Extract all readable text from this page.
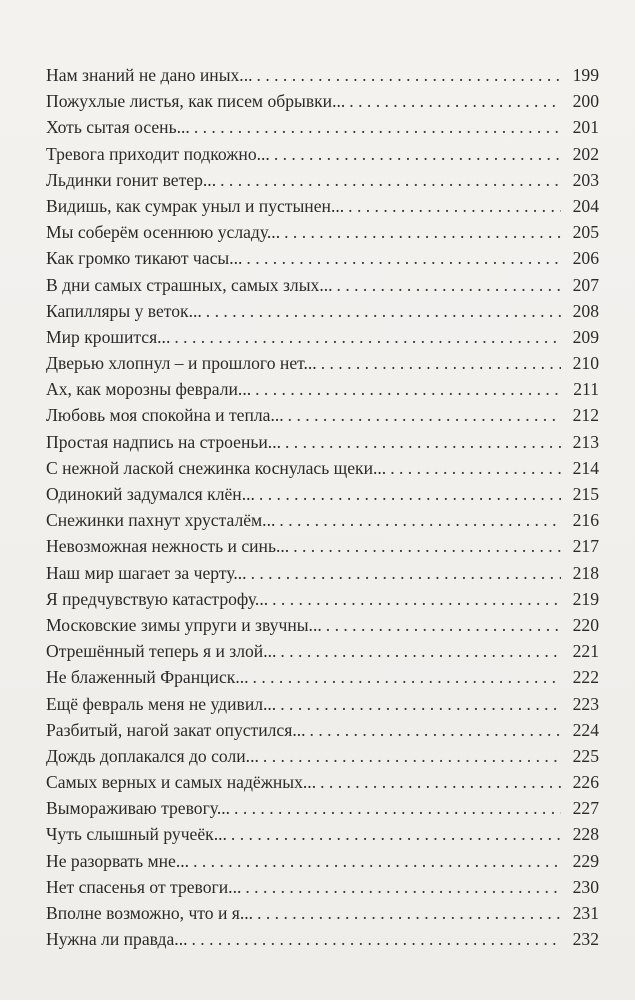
Нам знаний не дано иных... . . .	199
Пожухлые листья, как писем обрывки... . . .	200
Хоть сытая осень... . . .	201
Тревога приходит подкожно... . . .	202
Льдинки гонит ветер... . . .	203
Видишь, как сумрак уныл и пустынен... . . .	204
Мы соберём осеннюю усладу... . . .	205
Как громко тикают часы... . . .	206
В дни самых страшных, самых злых... . . .	207
Капилляры у веток... . . .	208
Мир крошится... . . .	209
Дверью хлопнул – и прошлого нет... . . .	210
Ах, как морозны феврали... . . .	211
Любовь моя спокойна и тепла... . . .	212
Простая надпись на строеньи... . . .	213
С нежной лаской снежинка коснулась щеки... . . .	214
Одинокий задумался клён... . . .	215
Снежинки пахнут хрусталём... . . .	216
Невозможная нежность и синь... . . .	217
Наш мир шагает за черту... . . .	218
Я предчувствую катастрофу... . . .	219
Московские зимы упруги и звучны... . . .	220
Отрешённый теперь я и злой... . . .	221
Не блаженный Франциск... . . .	222
Ещё февраль меня не удивил... . . .	223
Разбитый, нагой закат опустился... . . .	224
Дождь доплакался до соли... . . .	225
Самых верных и самых надёжных... . . .	226
Вымораживаю тревогу... . . .	227
Чуть слышный ручеёк... . . .	228
Не разорвать мне... . . .	229
Нет спасенья от тревоги... . . .	230
Вполне возможно, что и я... . . .	231
Нужна ли правда... . . .	232
